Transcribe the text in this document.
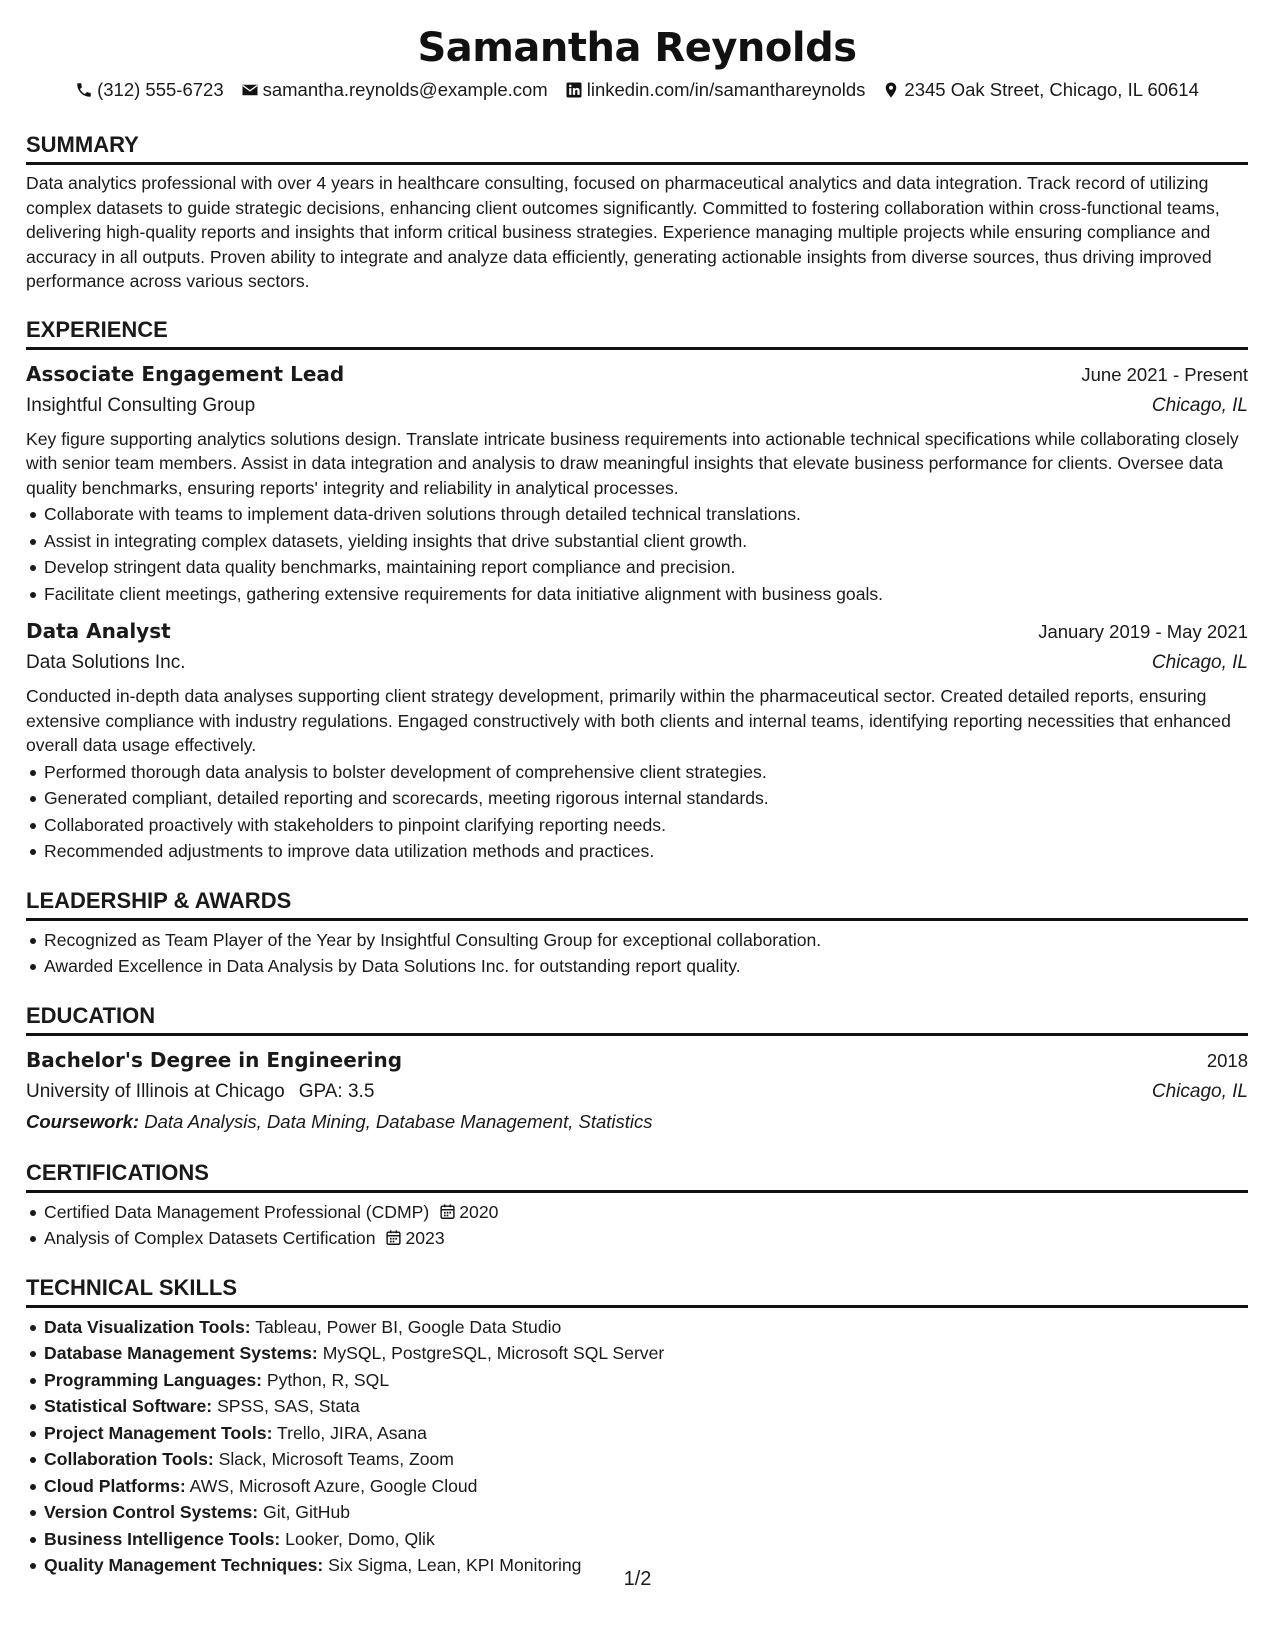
Samantha Reynolds
(312) 555-6723 samantha.reynolds@example.com linkedin.com/in/samanthareynolds 2345 Oak Street, Chicago, IL 60614
SUMMARY
Data analytics professional with over 4 years in healthcare consulting, focused on pharmaceutical analytics and data integration. Track record of utilizing complex datasets to guide strategic decisions, enhancing client outcomes significantly. Committed to fostering collaboration within cross-functional teams, delivering high-quality reports and insights that inform critical business strategies. Experience managing multiple projects while ensuring compliance and accuracy in all outputs. Proven ability to integrate and analyze data efficiently, generating actionable insights from diverse sources, thus driving improved performance across various sectors.
EXPERIENCE
Associate Engagement Lead	June 2021 - Present
Insightful Consulting Group	Chicago, IL
Key figure supporting analytics solutions design. Translate intricate business requirements into actionable technical specifications while collaborating closely with senior team members. Assist in data integration and analysis to draw meaningful insights that elevate business performance for clients. Oversee data quality benchmarks, ensuring reports' integrity and reliability in analytical processes.
Collaborate with teams to implement data-driven solutions through detailed technical translations.
Assist in integrating complex datasets, yielding insights that drive substantial client growth.
Develop stringent data quality benchmarks, maintaining report compliance and precision.
Facilitate client meetings, gathering extensive requirements for data initiative alignment with business goals.
Data Analyst	January 2019 - May 2021
Data Solutions Inc.	Chicago, IL
Conducted in-depth data analyses supporting client strategy development, primarily within the pharmaceutical sector. Created detailed reports, ensuring extensive compliance with industry regulations. Engaged constructively with both clients and internal teams, identifying reporting necessities that enhanced overall data usage effectively.
Performed thorough data analysis to bolster development of comprehensive client strategies.
Generated compliant, detailed reporting and scorecards, meeting rigorous internal standards.
Collaborated proactively with stakeholders to pinpoint clarifying reporting needs.
Recommended adjustments to improve data utilization methods and practices.
LEADERSHIP & AWARDS
Recognized as Team Player of the Year by Insightful Consulting Group for exceptional collaboration.
Awarded Excellence in Data Analysis by Data Solutions Inc. for outstanding report quality.
EDUCATION
Bachelor's Degree in Engineering	2018
University of Illinois at Chicago GPA: 3.5	Chicago, IL
Coursework: Data Analysis, Data Mining, Database Management, Statistics
CERTIFICATIONS
Certified Data Management Professional (CDMP) 2020
Analysis of Complex Datasets Certification 2023
TECHNICAL SKILLS
Data Visualization Tools: Tableau, Power BI, Google Data Studio
Database Management Systems: MySQL, PostgreSQL, Microsoft SQL Server
Programming Languages: Python, R, SQL
Statistical Software: SPSS, SAS, Stata
Project Management Tools: Trello, JIRA, Asana
Collaboration Tools: Slack, Microsoft Teams, Zoom
Cloud Platforms: AWS, Microsoft Azure, Google Cloud
Version Control Systems: Git, GitHub
Business Intelligence Tools: Looker, Domo, Qlik
Quality Management Techniques: Six Sigma, Lean, KPI Monitoring
1/2
